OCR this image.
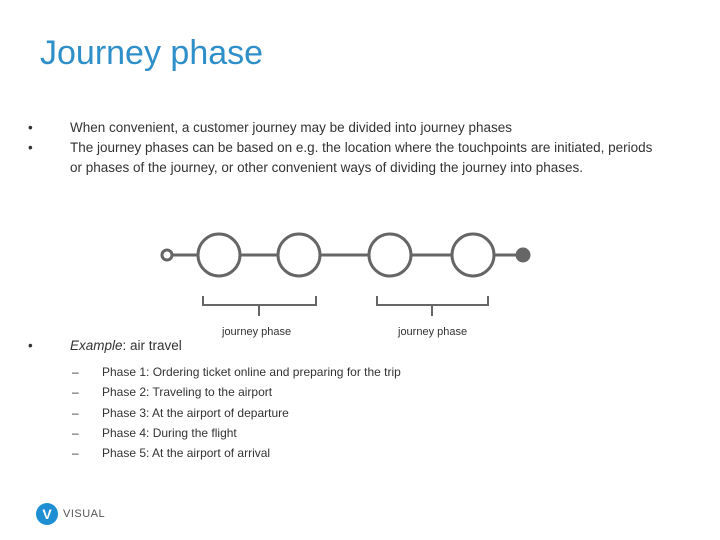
Journey phase
•	When convenient, a customer journey may be divided into journey phases
•	The journey phases can be based on e.g. the location where the touchpoints are initiated, periods or phases of the journey, or other convenient ways of dividing the journey into phases.
journey phase	journey phase
•	Example: air travel
–	Phase 1: Ordering ticket online and preparing for the trip
–	Phase 2: Traveling to the airport
–	Phase 3: At the airport of departure
–	Phase 4: During the flight
–	Phase 5: At the airport of arrival
V	VISUAL
